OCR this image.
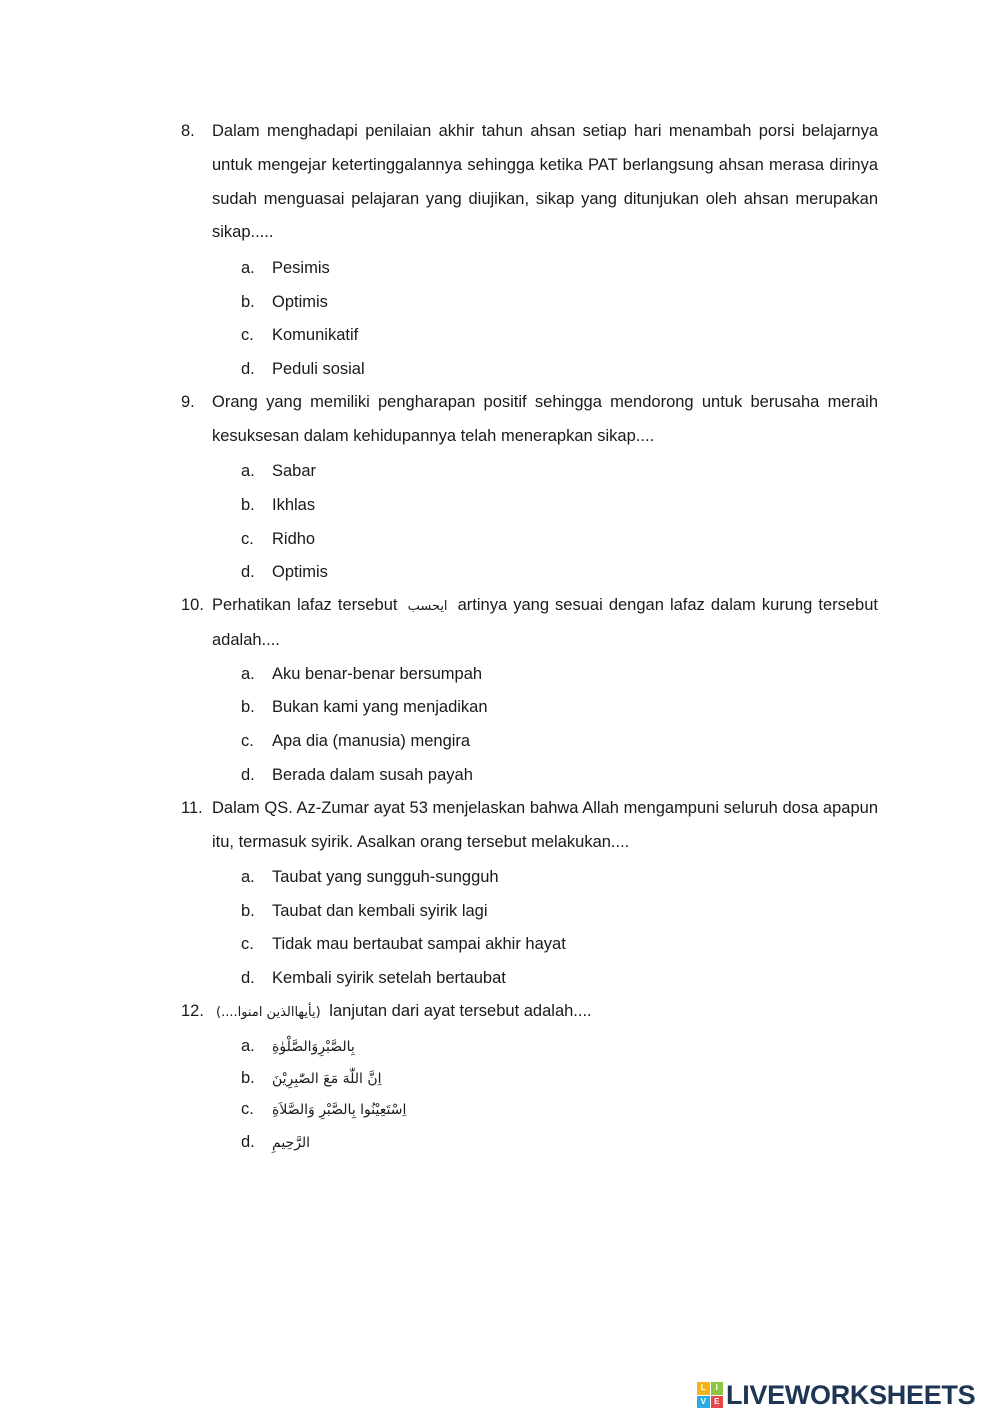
8.	Dalam menghadapi penilaian akhir tahun ahsan setiap hari menambah porsi belajarnya untuk mengejar ketertinggalannya sehingga ketika PAT berlangsung ahsan merasa dirinya sudah menguasai pelajaran yang diujikan, sikap yang ditunjukan oleh ahsan merupakan sikap.....
a. Pesimis
b. Optimis
c. Komunikatif
d. Peduli sosial
9.	Orang yang memiliki pengharapan positif sehingga mendorong untuk berusaha meraih kesuksesan dalam kehidupannya telah menerapkan sikap....
a. Sabar
b. Ikhlas
c. Ridho
d. Optimis
10. Perhatikan lafaz tersebut ايحسب artinya yang sesuai dengan lafaz dalam kurung tersebut adalah....
a. Aku benar-benar bersumpah
b. Bukan kami yang menjadikan
c. Apa dia (manusia) mengira
d. Berada dalam susah payah
11. Dalam QS. Az-Zumar ayat 53 menjelaskan bahwa Allah mengampuni seluruh dosa apapun itu, termasuk syirik. Asalkan orang tersebut melakukan....
a. Taubat yang sungguh-sungguh
b. Taubat dan kembali syirik lagi
c. Tidak mau bertaubat sampai akhir hayat
d. Kembali syirik setelah bertaubat
12. (يأيهاالذين امنوا....) lanjutan dari ayat tersebut adalah....
a. بِالصَّبْرِوَالصَّلْوٰةِ
b. اِنَّ اللّٰهَ مَعَ الصّٰبِرِيْنَ
c. اِسْتَعِيْنُوا بِالصَّبْرِ وَالصَّلاَةِ
d. الرَّحِيمِ
L	I
V	E LIVEWORKSHEETS
